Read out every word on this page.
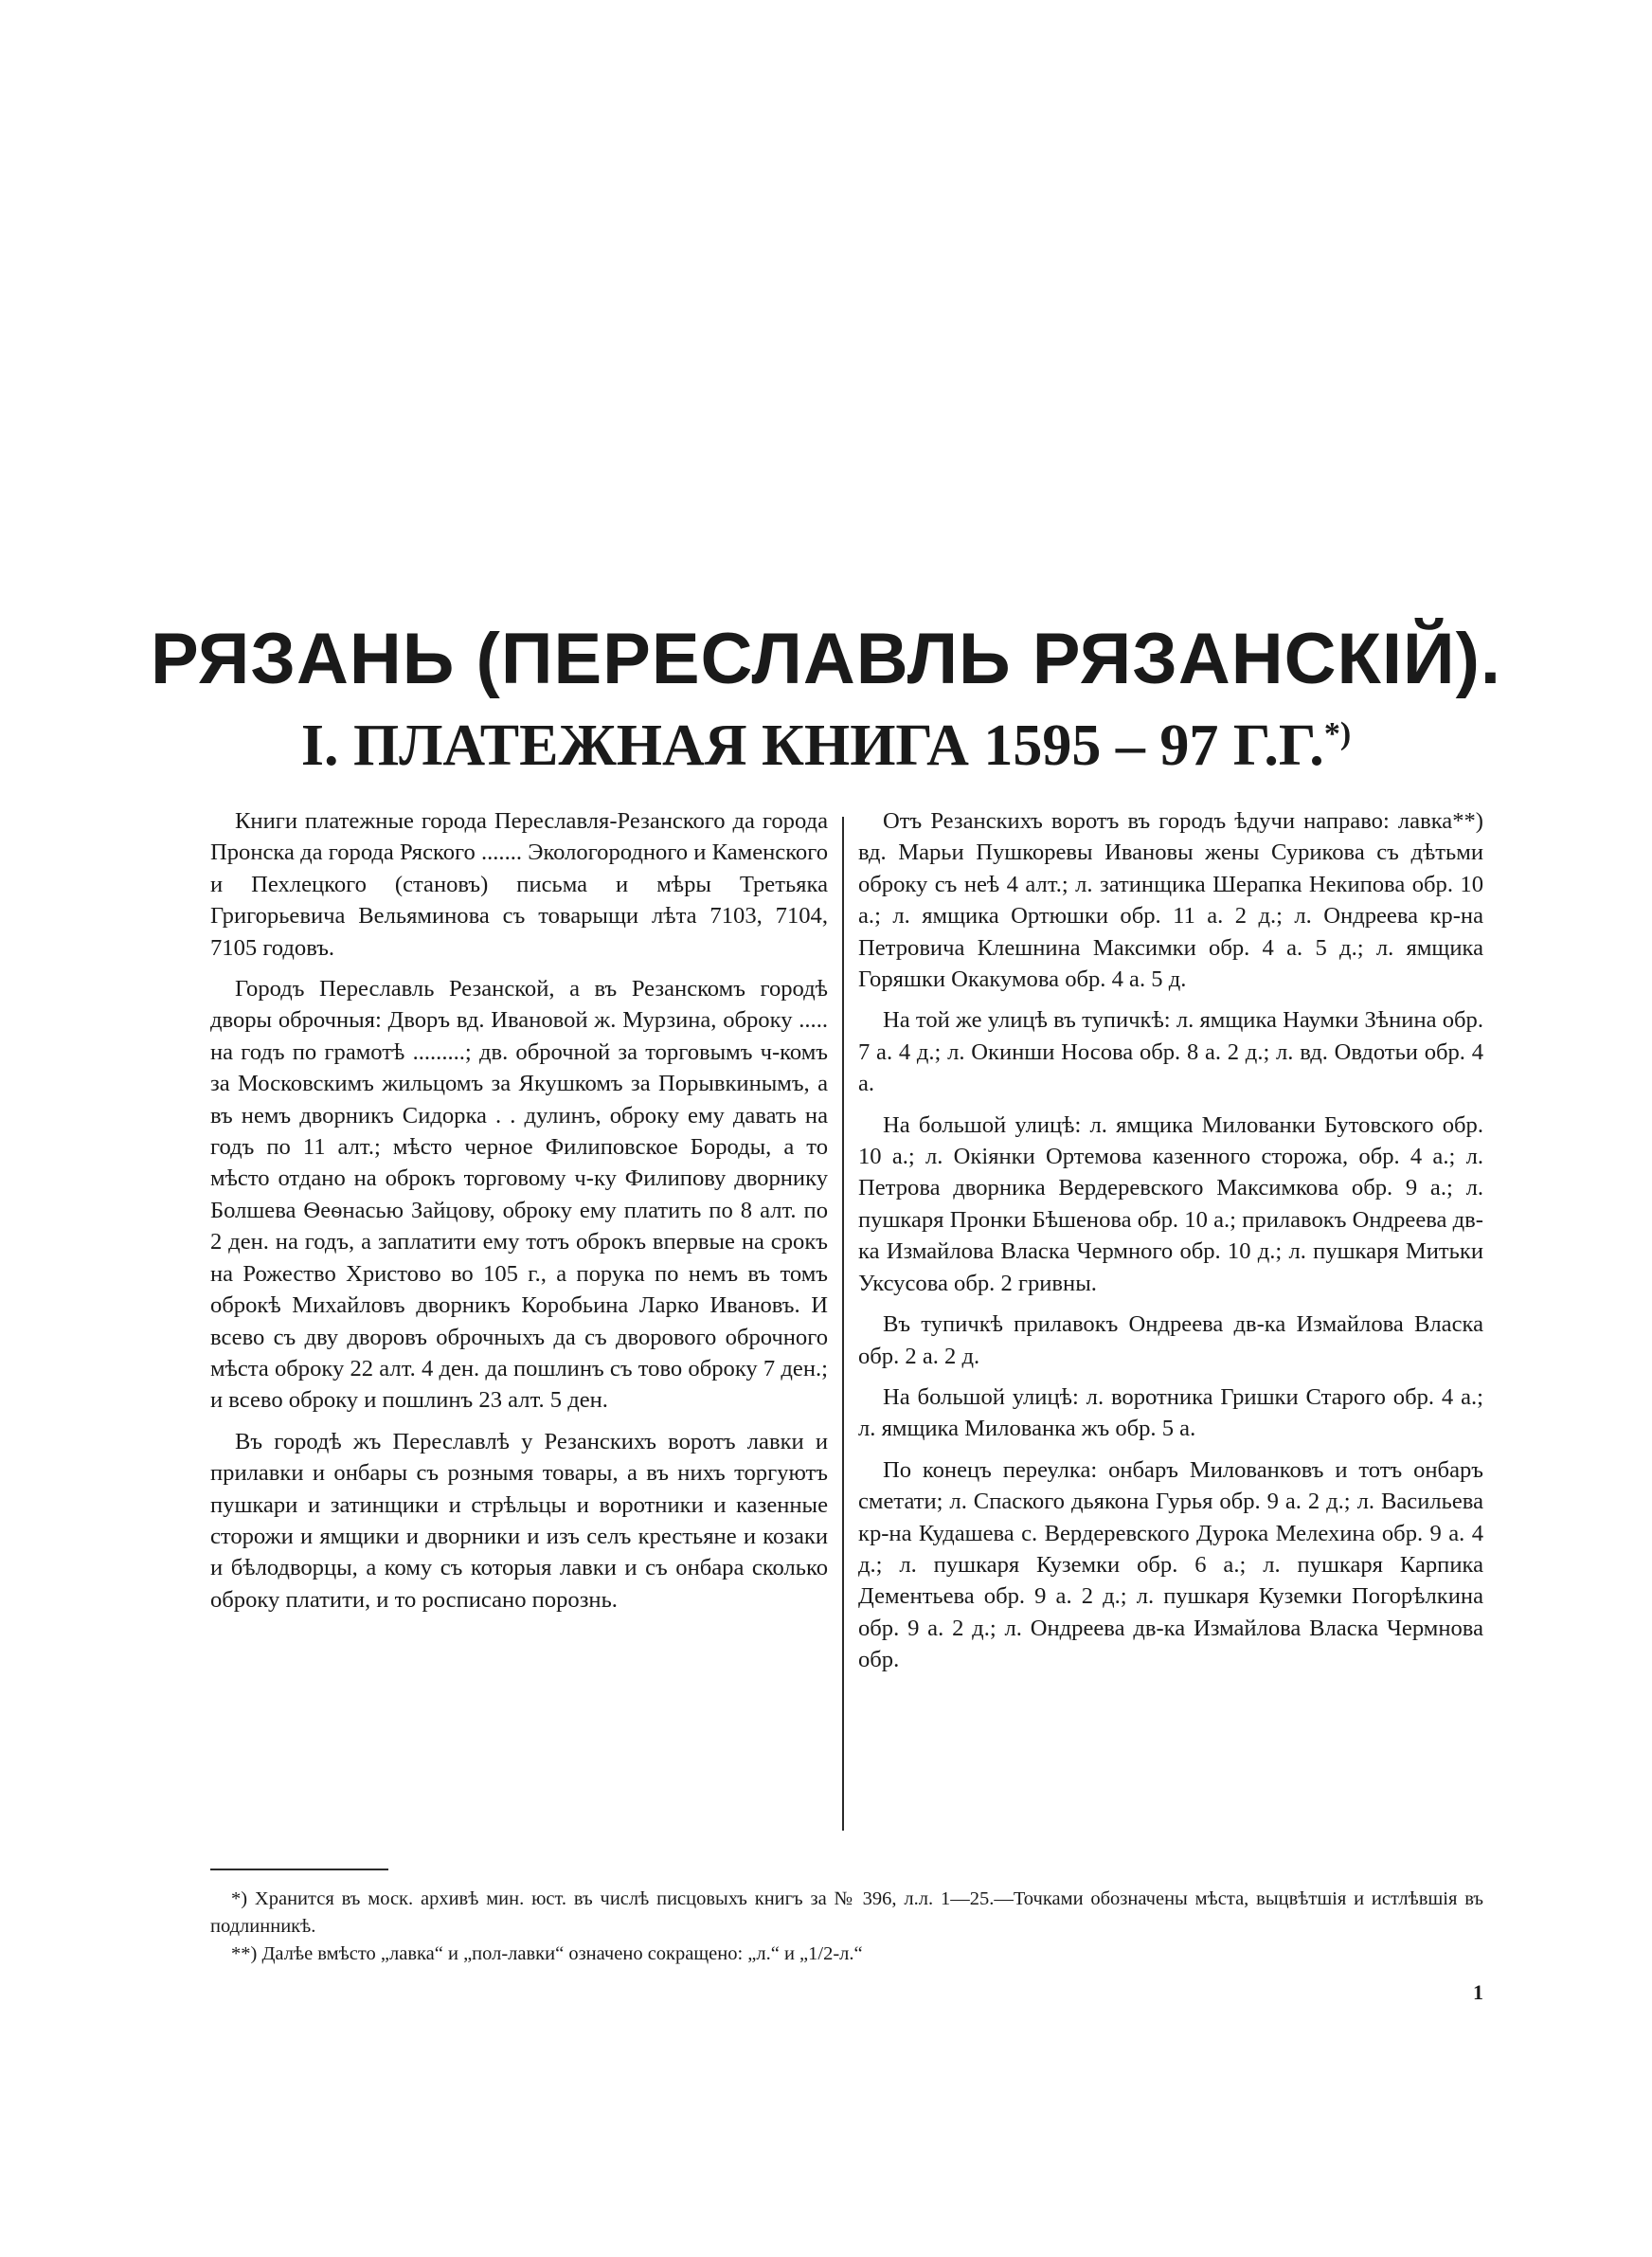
РЯЗАНЬ (ПЕРЕСЛАВЛЬ РЯЗАНСКІЙ).
I. ПЛАТЕЖНАЯ КНИГА 1595 – 97 Г.Г.*)

Книги платежные города Переславля-Резанского да города Пронска да города Ряского ....... Экологородного и Каменского и Пехлецкого (становъ) письма и мѣры Третьяка Григорьевича Вельяминова съ товарыщи лѣта 7103, 7104, 7105 годовъ.

Городъ Переславль Резанской, а въ Резанскомъ городѣ дворы оброчныя: Дворъ вд. Ивановой ж. Мурзина, оброку ..... на годъ по грамотѣ .........; дв. оброчной за торговымъ ч-комъ за Московскимъ жильцомъ за Якушкомъ за Порывкинымъ, а въ немъ дворникъ Сидорка . . дулинъ, оброку ему давать на годъ по 11 алт.; мѣсто черное Филиповское Бороды, а то мѣсто отдано на оброкъ торговому ч-ку Филипову дворнику Болшева Ѳеѳнасью Зайцову, оброку ему платить по 8 алт. по 2 ден. на годъ, а заплатити ему тотъ оброкъ впервые на срокъ на Рожество Христово во 105 г., а порука по немъ въ томъ оброкѣ Михайловъ дворникъ Коробьина Ларко Ивановъ. И всево съ дву дворовъ оброчныхъ да съ дворового оброчного мѣста оброку 22 алт. 4 ден. да пошлинъ съ тово оброку 7 ден.; и всево оброку и пошлинъ 23 алт. 5 ден.

Въ городѣ жъ Переславлѣ у Резанскихъ воротъ лавки и прилавки и онбары съ рознымя товары, а въ нихъ торгуютъ пушкари и затинщики и стрѣльцы и воротники и казенные сторожи и ямщики и дворники и изъ селъ крестьяне и козаки и бѣлодворцы, а кому съ которыя лавки и съ онбара сколько оброку платити, и то росписано порознь.

Отъ Резанскихъ воротъ въ городъ ѣдучи направо: лавка**) вд. Марьи Пушкоревы Ивановы жены Сурикова съ дѣтьми оброку съ неѣ 4 алт.; л. затинщика Шерапка Некипова обр. 10 а.; л. ямщика Ортюшки обр. 11 а. 2 д.; л. Ондреева кр-на Петровича Клешнина Максимки обр. 4 а. 5 д.; л. ямщика Горяшки Окакумова обр. 4 а. 5 д.

На той же улицѣ въ тупичкѣ: л. ямщика Наумки Зѣнина обр. 7 а. 4 д.; л. Окинши Носова обр. 8 а. 2 д.; л. вд. Овдотьи обр. 4 а.

На большой улицѣ: л. ямщика Милованки Бутовского обр. 10 а.; л. Окіянки Ортемова казенного сторожа, обр. 4 а.; л. Петрова дворника Вердеревского Максимкова обр. 9 а.; л. пушкаря Пронки Бѣшенова обр. 10 а.; прилавокъ Ондреева дв-ка Измайлова Власка Чермного обр. 10 д.; л. пушкаря Митьки Уксусова обр. 2 гривны.

Въ тупичкѣ прилавокъ Ондреева дв-ка Измайлова Власка обр. 2 а. 2 д.

На большой улицѣ: л. воротника Гришки Старого обр. 4 а.; л. ямщика Милованка жъ обр. 5 а.

По конецъ переулка: онбаръ Милованковъ и тотъ онбаръ сметати; л. Спаского дьякона Гурья обр. 9 а. 2 д.; л. Васильева кр-на Кудашева с. Вердеревского Дурока Мелехина обр. 9 а. 4 д.; л. пушкаря Куземки обр. 6 а.; л. пушкаря Карпика Дементьева обр. 9 а. 2 д.; л. пушкаря Куземки Погорѣлкина обр. 9 а. 2 д.; л. Ондреева дв-ка Измайлова Власка Чермнова обр.

*) Хранится въ моск. архивѣ мин. юст. въ числѣ писцовыхъ книгъ за № 396, л.л. 1—25.—Точками обозначены мѣста, выцвѣтшія и истлѣвшія въ подлинникѣ.

**) Далѣе вмѣсто „лавка“ и „пол-лавки“ означено сокращено: „л.“ и „1/2-л.“

1
